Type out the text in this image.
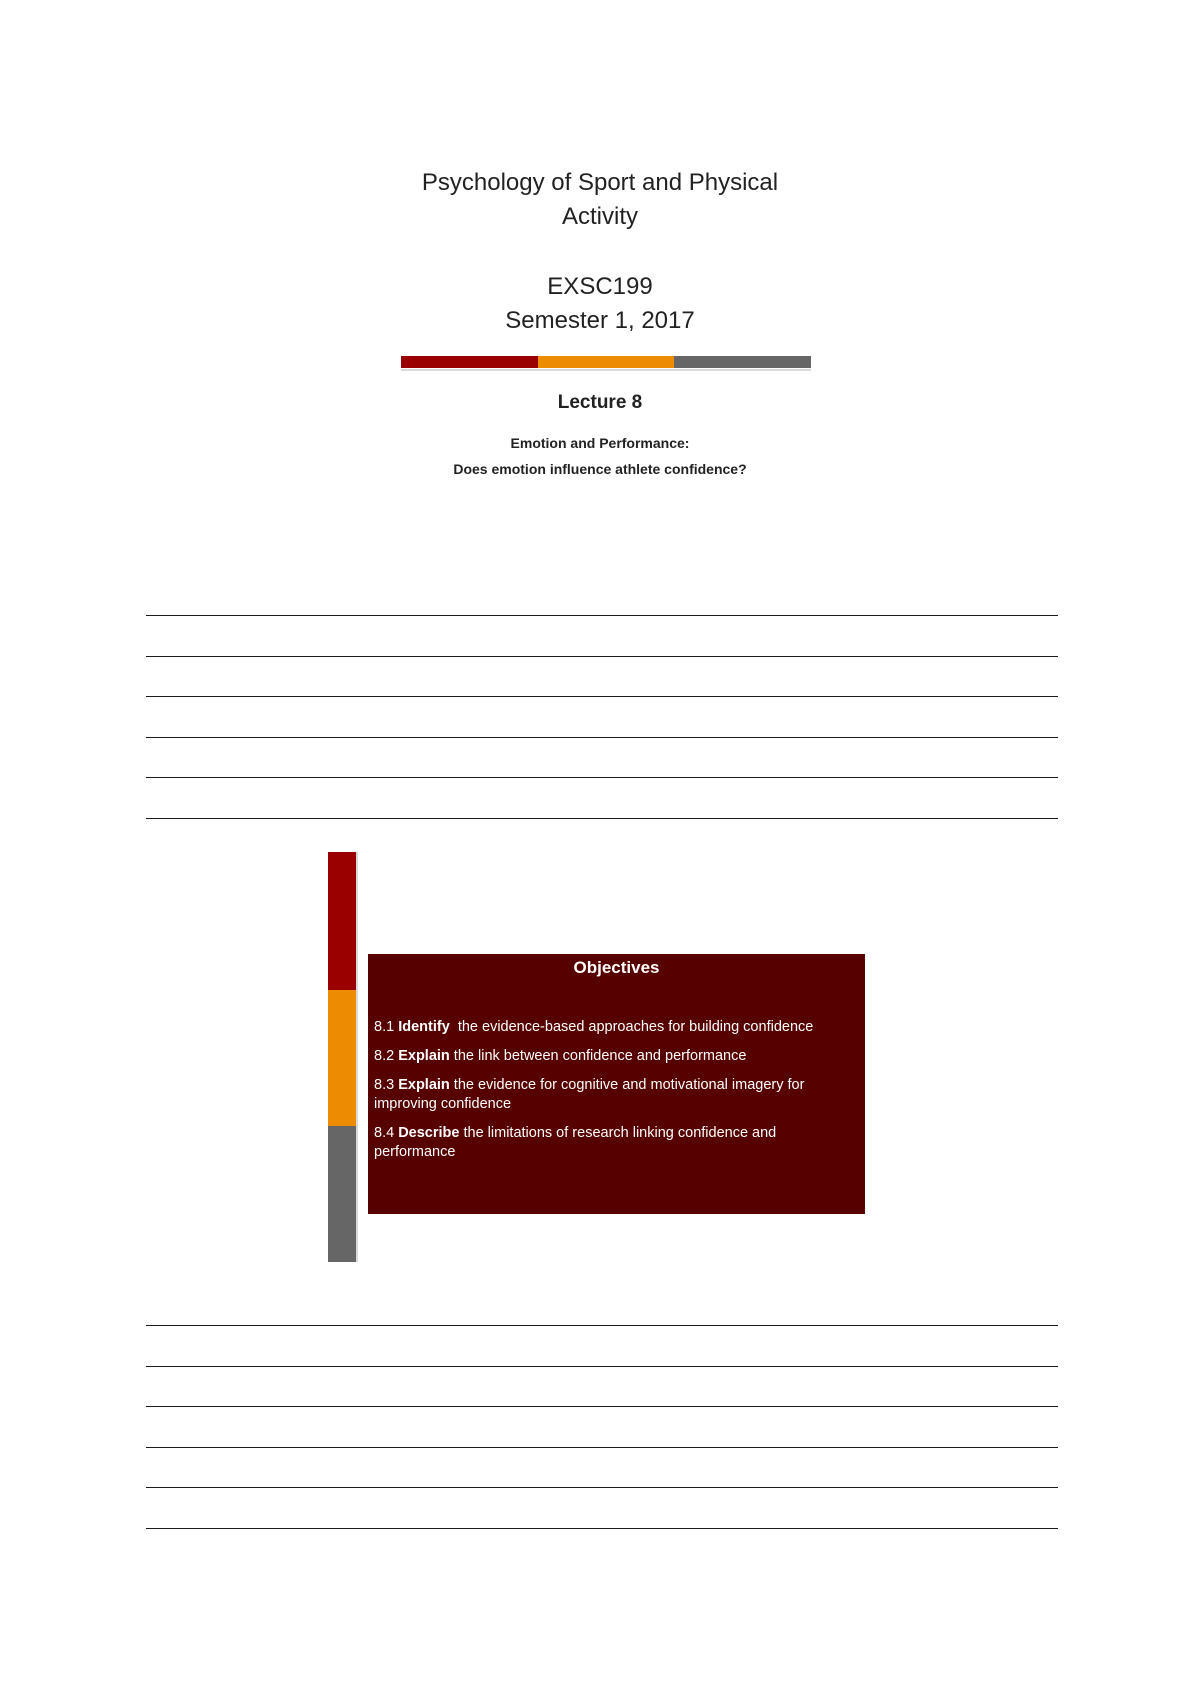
Psychology of Sport and Physical
Activity
EXSC199
Semester 1, 2017
Lecture 8
Emotion and Performance:
Does emotion influence athlete confidence?
Objectives
8.1 Identify  the evidence-based approaches for building confidence
8.2 Explain the link between confidence and performance
8.3 Explain the evidence for cognitive and motivational imagery for improving confidence
8.4 Describe the limitations of research linking confidence and performance
